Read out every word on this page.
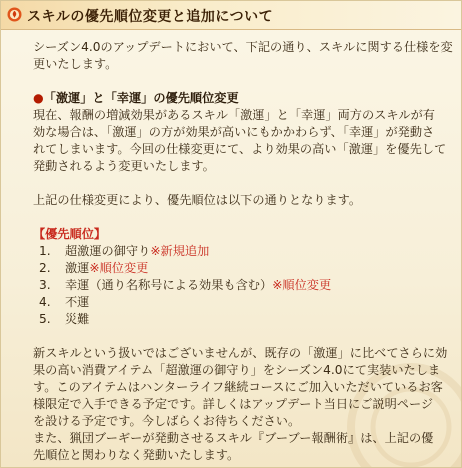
スキルの優先順位変更と追加について

シーズン4.0のアップデートにおいて、下記の通り、スキルに関する仕様を変更いたします。

●「激運」と「幸運」の優先順位変更

現在、報酬の増減効果があるスキル「激運」と「幸運」両方のスキルが有

効な場合は、「激運」の方が効果が高いにもかかわらず、「幸運」が発動さ

れてしまいます。今回の仕様変更にて、より効果の高い「激運」を優先して

発動されるよう変更いたします。

上記の仕様変更により、優先順位は以下の通りとなります。

【優先順位】

1.	超激運の御守り ※新規追加
2.	激運 ※順位変更
3.	幸運（通り名称号による効果も含む） ※順位変更
4.	不運
5.	災難

新スキルという扱いではございませんが、既存の「激運」に比べてさらに効

果の高い消費アイテム「超激運の御守り」をシーズン4.0にて実装いたしま

す。このアイテムはハンターライフ継続コースにご加入いただいているお客

様限定で入手できる予定です。詳しくはアップデート当日にご説明ページ

を設ける予定です。今しばらくお待ちください。

また、猟団ブーギーが発動させるスキル『ブーブー報酬術』は、上記の優

先順位と関わりなく発動いたします。
